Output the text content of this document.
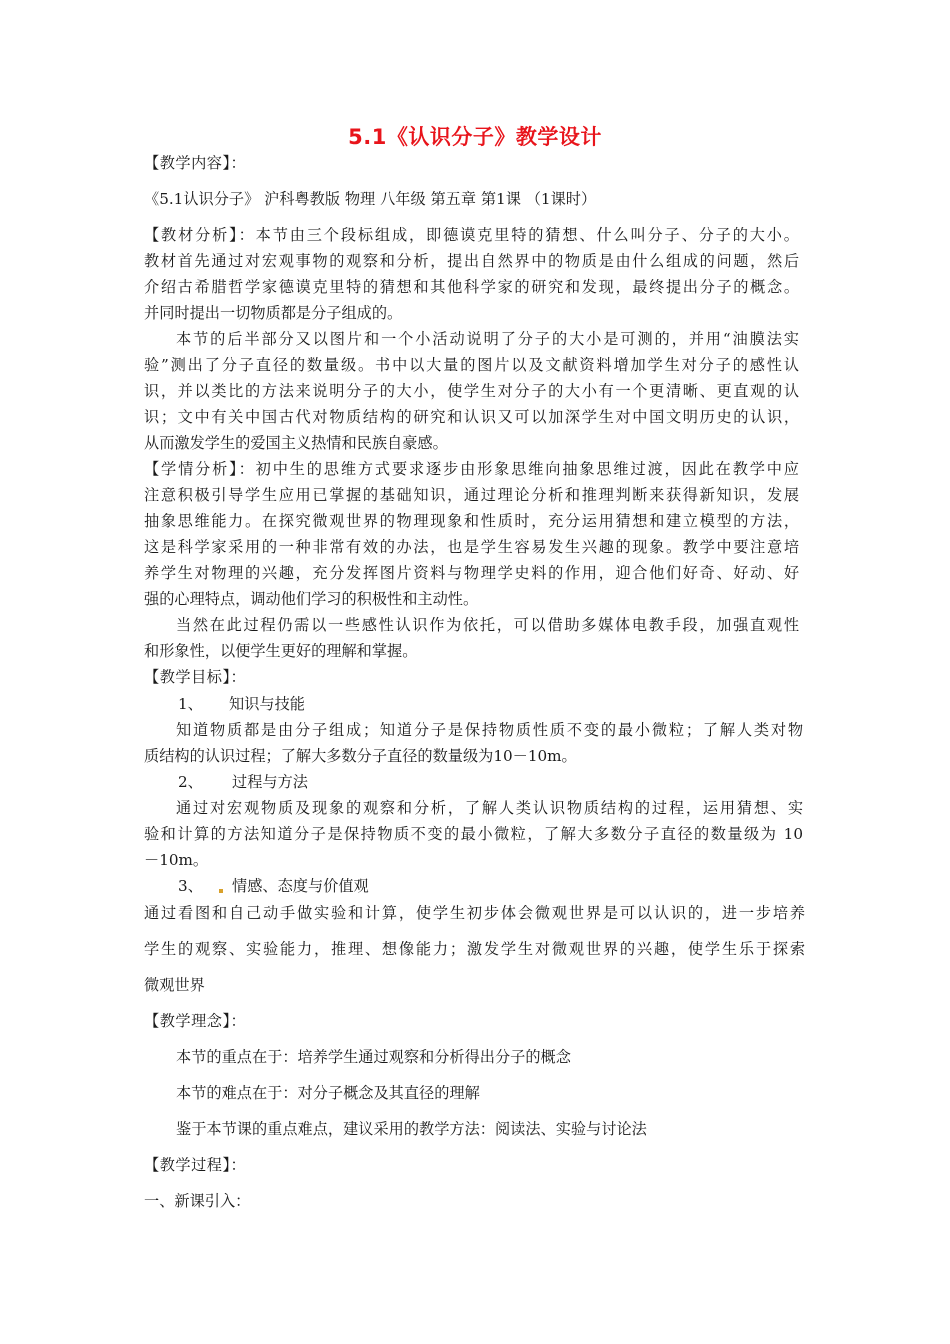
5.1《认识分子》教学设计
【教学内容】：
《5.1认识分子》 沪科粤教版 物理 八年级 第五章 第1课 （1课时）
【教材分析】：本节由三个段标组成，即德谟克里特的猜想、什么叫分子、分子的大小。
教材首先通过对宏观事物的观察和分析，提出自然界中的物质是由什么组成的问题，然后
介绍古希腊哲学家德谟克里特的猜想和其他科学家的研究和发现，最终提出分子的概念。
并同时提出一切物质都是分子组成的。
本节的后半部分又以图片和一个小活动说明了分子的大小是可测的，并用“油膜法实
验”测出了分子直径的数量级。书中以大量的图片以及文献资料增加学生对分子的感性认
识，并以类比的方法来说明分子的大小，使学生对分子的大小有一个更清晰、更直观的认
识；文中有关中国古代对物质结构的研究和认识又可以加深学生对中国文明历史的认识，
从而激发学生的爱国主义热情和民族自豪感。
【学情分析】：初中生的思维方式要求逐步由形象思维向抽象思维过渡，因此在教学中应
注意积极引导学生应用已掌握的基础知识，通过理论分析和推理判断来获得新知识，发展
抽象思维能力。在探究微观世界的物理现象和性质时，充分运用猜想和建立模型的方法，
这是科学家采用的一种非常有效的办法，也是学生容易发生兴趣的现象。教学中要注意培
养学生对物理的兴趣，充分发挥图片资料与物理学史料的作用，迎合他们好奇、好动、好
强的心理特点，调动他们学习的积极性和主动性。
当然在此过程仍需以一些感性认识作为依托，可以借助多媒体电教手段，加强直观性
和形象性，以便学生更好的理解和掌握。
【教学目标】：
1、 知识与技能
知道物质都是由分子组成；知道分子是保持物质性质不变的最小微粒；了解人类对物
质结构的认识过程；了解大多数分子直径的数量级为10－10m。
2、 过程与方法
通过对宏观物质及现象的观察和分析，了解人类认识物质结构的过程，运用猜想、实
验和计算的方法知道分子是保持物质不变的最小微粒，了解大多数分子直径的数量级为 10
－10m。
3、 情感、态度与价值观
通过看图和自己动手做实验和计算，使学生初步体会微观世界是可以认识的，进一步培养
学生的观察、实验能力，推理、想像能力；激发学生对微观世界的兴趣，使学生乐于探索
微观世界
【教学理念】：
本节的重点在于：培养学生通过观察和分析得出分子的概念
本节的难点在于：对分子概念及其直径的理解
鉴于本节课的重点难点，建议采用的教学方法：阅读法、实验与讨论法
【教学过程】：
一、新课引入：
